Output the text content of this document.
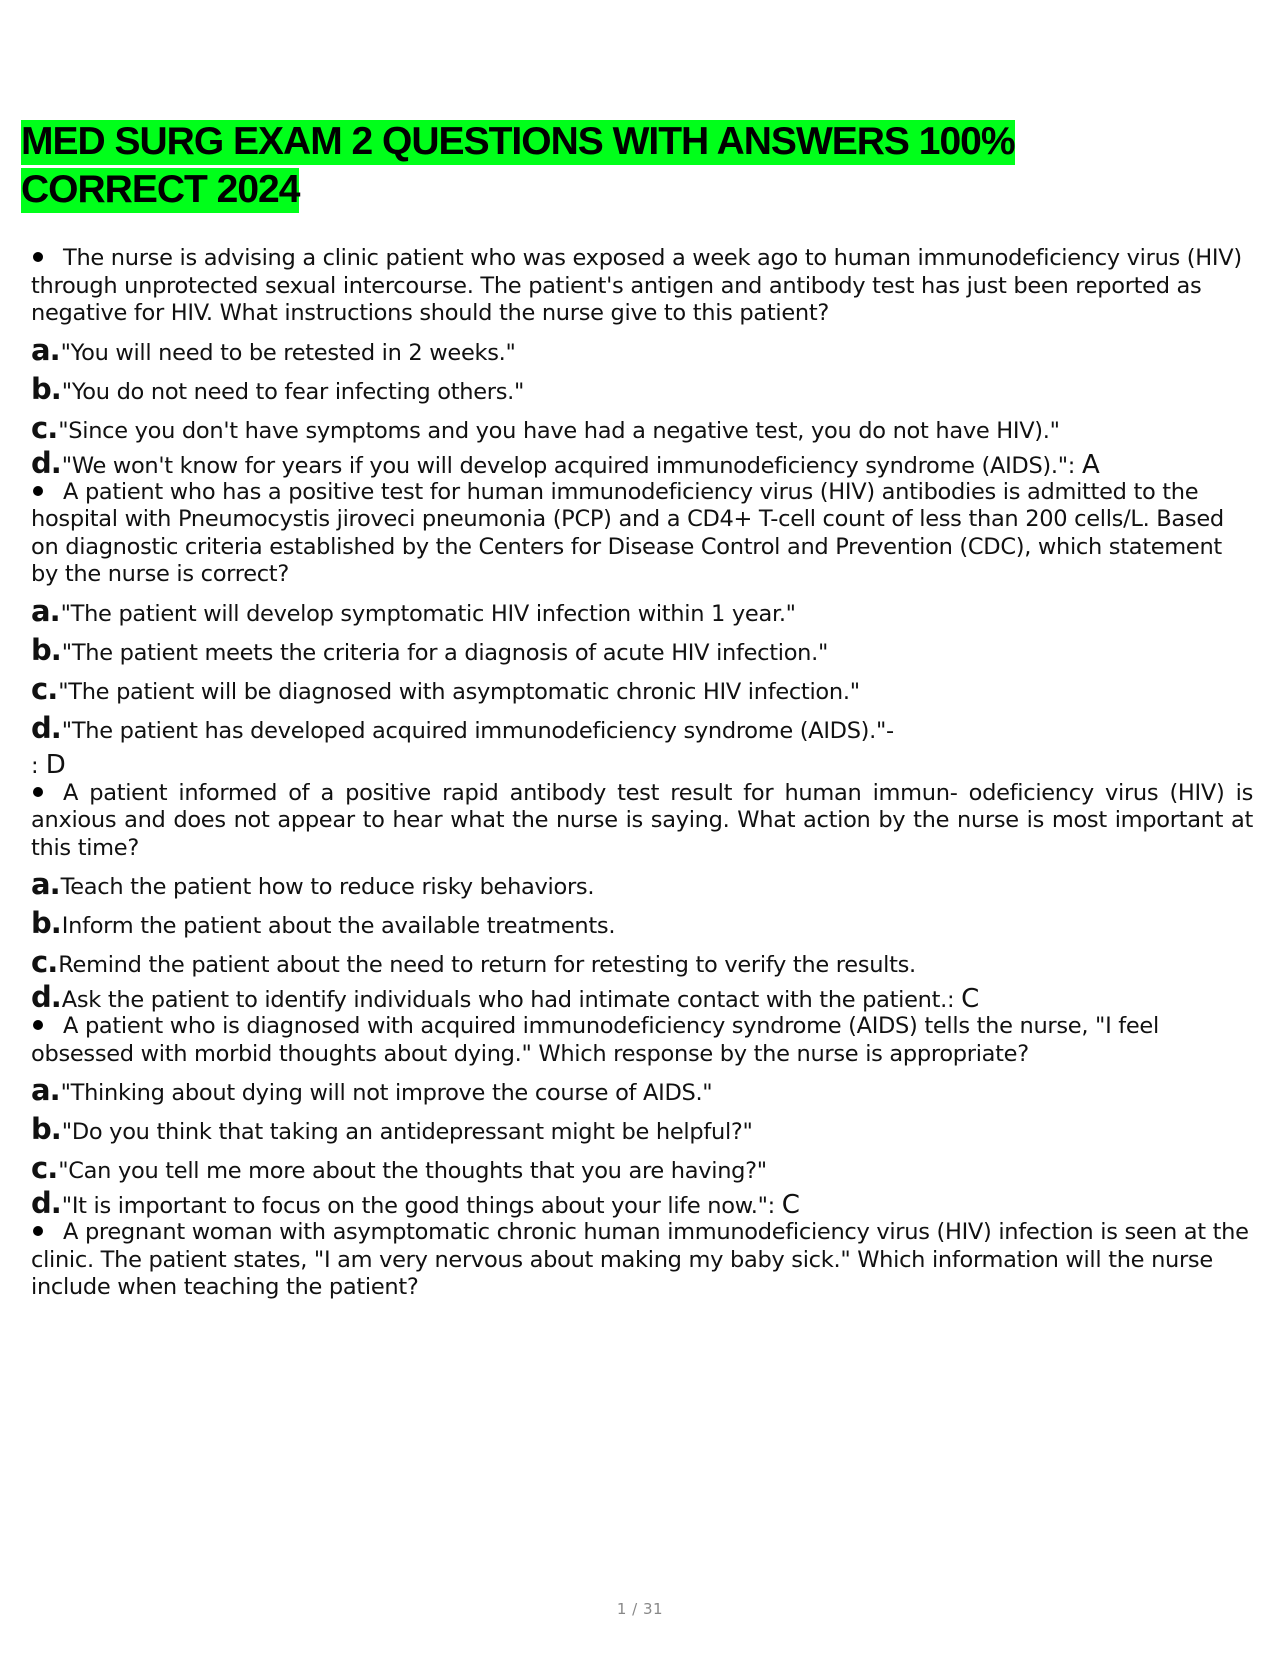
MED SURG EXAM 2 QUESTIONS WITH ANSWERS 100%
CORRECT 2024

The nurse is advising a clinic patient who was exposed a week ago to human immunodeficiency virus (HIV) through unprotected sexual intercourse. The patient's antigen and antibody test has just been reported as negative for HIV. What instructions should the nurse give to this patient?

a."You will need to be retested in 2 weeks."
b."You do not need to fear infecting others."
c."Since you don't have symptoms and you have had a negative test, you do not have HIV)."
d."We won't know for years if you will develop acquired immunodeficiency syndrome (AIDS).": A

A patient who has a positive test for human immunodeficiency virus (HIV) antibodies is admitted to the hospital with Pneumocystis jiroveci pneumonia (PCP) and a CD4+ T-cell count of less than 200 cells/L. Based on diagnostic criteria established by the Centers for Disease Control and Prevention (CDC), which statement by the nurse is correct?

a."The patient will develop symptomatic HIV infection within 1 year."
b."The patient meets the criteria for a diagnosis of acute HIV infection."
c."The patient will be diagnosed with asymptomatic chronic HIV infection."
d."The patient has developed acquired immunodeficiency syndrome (AIDS)."-
: D

A patient informed of a positive rapid antibody test result for human immun- odeficiency virus (HIV) is anxious and does not appear to hear what the nurse is saying. What action by the nurse is most important at this time?

a.Teach the patient how to reduce risky behaviors.
b.Inform the patient about the available treatments.
c.Remind the patient about the need to return for retesting to verify the results.
d.Ask the patient to identify individuals who had intimate contact with the patient.: C

A patient who is diagnosed with acquired immunodeficiency syndrome (AIDS) tells the nurse, "I feel obsessed with morbid thoughts about dying." Which response by the nurse is appropriate?

a."Thinking about dying will not improve the course of AIDS."
b."Do you think that taking an antidepressant might be helpful?"
c."Can you tell me more about the thoughts that you are having?"
d."It is important to focus on the good things about your life now.": C

A pregnant woman with asymptomatic chronic human immunodeficiency virus (HIV) infection is seen at the clinic. The patient states, "I am very nervous about making my baby sick." Which information will the nurse include when teaching the patient?

1 / 31
